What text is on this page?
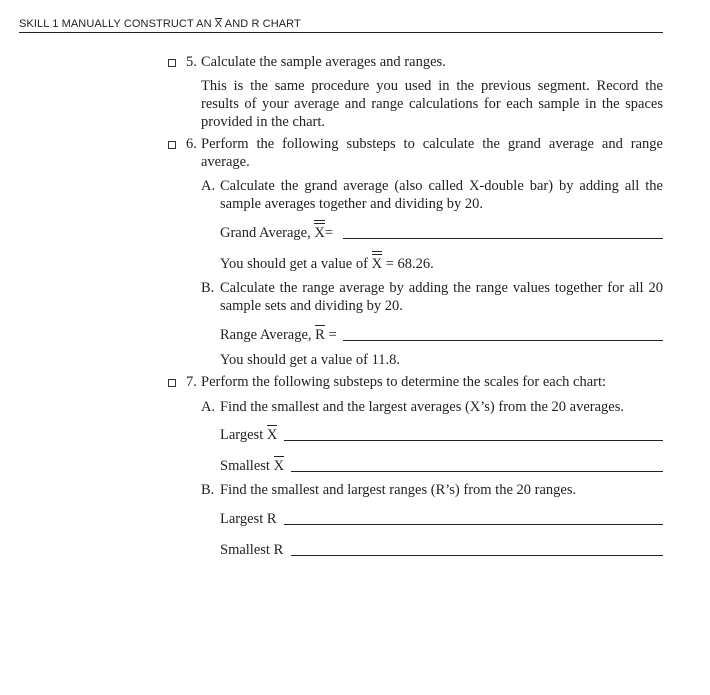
SKILL 1 MANUALLY CONSTRUCT AN X AND R CHART
5. Calculate the sample averages and ranges.
This is the same procedure you used in the previous segment. Record the results of your average and range calculations for each sample in the spaces provided in the chart.
6. Perform the following substeps to calculate the grand average and range average.
A. Calculate the grand average (also called X-double bar) by adding all the sample averages together and dividing by 20.
Grand Average, X=
You should get a value of X = 68.26.
B. Calculate the range average by adding the range values together for all 20 sample sets and dividing by 20.
Range Average, R =
You should get a value of 11.8.
7. Perform the following substeps to determine the scales for each chart:
A. Find the smallest and the largest averages (X’s) from the 20 averages.
Largest X
Smallest X
B. Find the smallest and largest ranges (R’s) from the 20 ranges.
Largest R
Smallest R
